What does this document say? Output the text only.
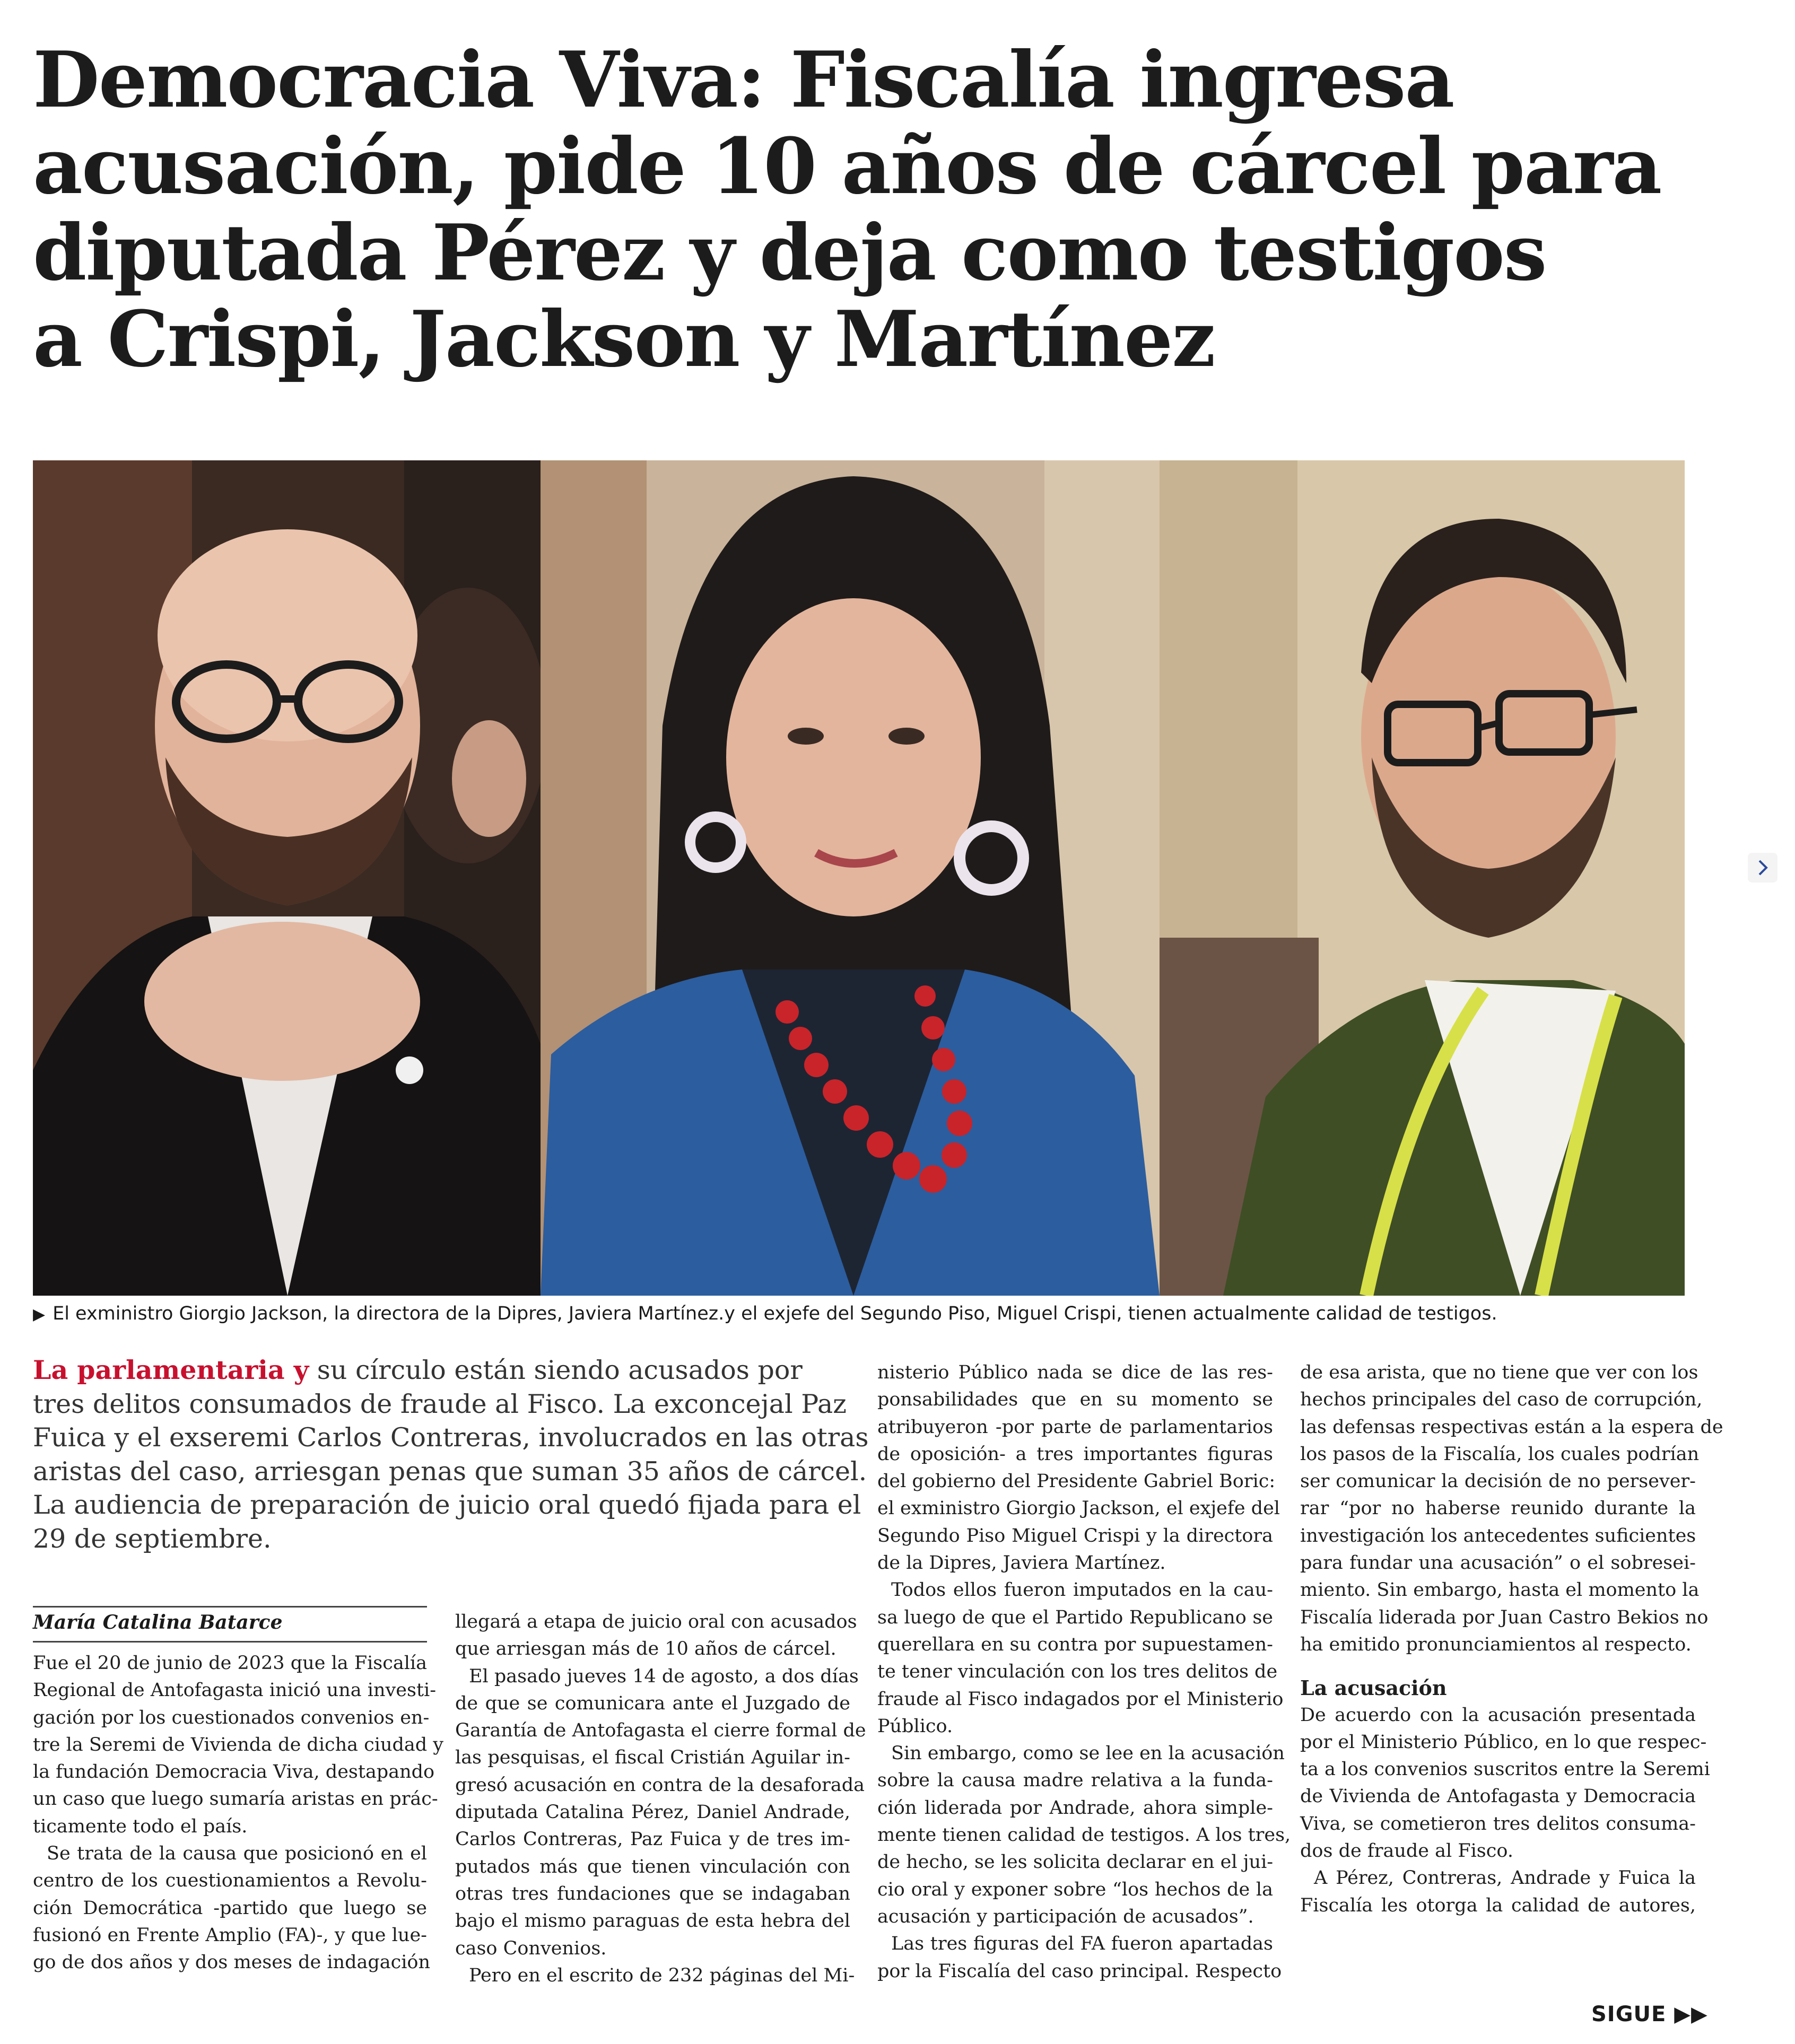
Democracia Viva: Fiscalía ingresa
acusación, pide 10 años de cárcel para
diputada Pérez y deja como testigos
a Crispi, Jackson y Martínez
▶ El exministro Giorgio Jackson, la directora de la Dipres, Javiera Martínez.y el exjefe del Segundo Piso, Miguel Crispi, tienen actualmente calidad de testigos.
La parlamentaria y su círculo están siendo acusados por
tres delitos consumados de fraude al Fisco. La exconcejal Paz
Fuica y el exseremi Carlos Contreras, involucrados en las otras
aristas del caso, arriesgan penas que suman 35 años de cárcel.
La audiencia de preparación de juicio oral quedó fijada para el
29 de septiembre.
María Catalina Batarce
Fue el 20 de junio de 2023 que la Fiscalía
Regional de Antofagasta inició una investi-
gación por los cuestionados convenios en-
tre la Seremi de Vivienda de dicha ciudad y
la fundación Democracia Viva, destapando
un caso que luego sumaría aristas en prác-
ticamente todo el país.
Se trata de la causa que posicionó en el
centro de los cuestionamientos a Revolu-
ción Democrática -partido que luego se
fusionó en Frente Amplio (FA)-, y que lue-
go de dos años y dos meses de indagación
llegará a etapa de juicio oral con acusados
que arriesgan más de 10 años de cárcel.
El pasado jueves 14 de agosto, a dos días
de que se comunicara ante el Juzgado de
Garantía de Antofagasta el cierre formal de
las pesquisas, el fiscal Cristián Aguilar in-
gresó acusación en contra de la desaforada
diputada Catalina Pérez, Daniel Andrade,
Carlos Contreras, Paz Fuica y de tres im-
putados más que tienen vinculación con
otras tres fundaciones que se indagaban
bajo el mismo paraguas de esta hebra del
caso Convenios.
Pero en el escrito de 232 páginas del Mi-
nisterio Público nada se dice de las res-
ponsabilidades que en su momento se
atribuyeron -por parte de parlamentarios
de oposición- a tres importantes figuras
del gobierno del Presidente Gabriel Boric:
el exministro Giorgio Jackson, el exjefe del
Segundo Piso Miguel Crispi y la directora
de la Dipres, Javiera Martínez.
Todos ellos fueron imputados en la cau-
sa luego de que el Partido Republicano se
querellara en su contra por supuestamen-
te tener vinculación con los tres delitos de
fraude al Fisco indagados por el Ministerio
Público.
Sin embargo, como se lee en la acusación
sobre la causa madre relativa a la funda-
ción liderada por Andrade, ahora simple-
mente tienen calidad de testigos. A los tres,
de hecho, se les solicita declarar en el jui-
cio oral y exponer sobre “los hechos de la
acusación y participación de acusados”.
Las tres figuras del FA fueron apartadas
por la Fiscalía del caso principal. Respecto
de esa arista, que no tiene que ver con los
hechos principales del caso de corrupción,
las defensas respectivas están a la espera de
los pasos de la Fiscalía, los cuales podrían
ser comunicar la decisión de no persever-
rar “por no haberse reunido durante la
investigación los antecedentes suficientes
para fundar una acusación” o el sobresei-
miento. Sin embargo, hasta el momento la
Fiscalía liderada por Juan Castro Bekios no
ha emitido pronunciamientos al respecto.
La acusación
De acuerdo con la acusación presentada
por el Ministerio Público, en lo que respec-
ta a los convenios suscritos entre la Seremi
de Vivienda de Antofagasta y Democracia
Viva, se cometieron tres delitos consuma-
dos de fraude al Fisco.
A Pérez, Contreras, Andrade y Fuica la
Fiscalía les otorga la calidad de autores,
SIGUE ▶▶
